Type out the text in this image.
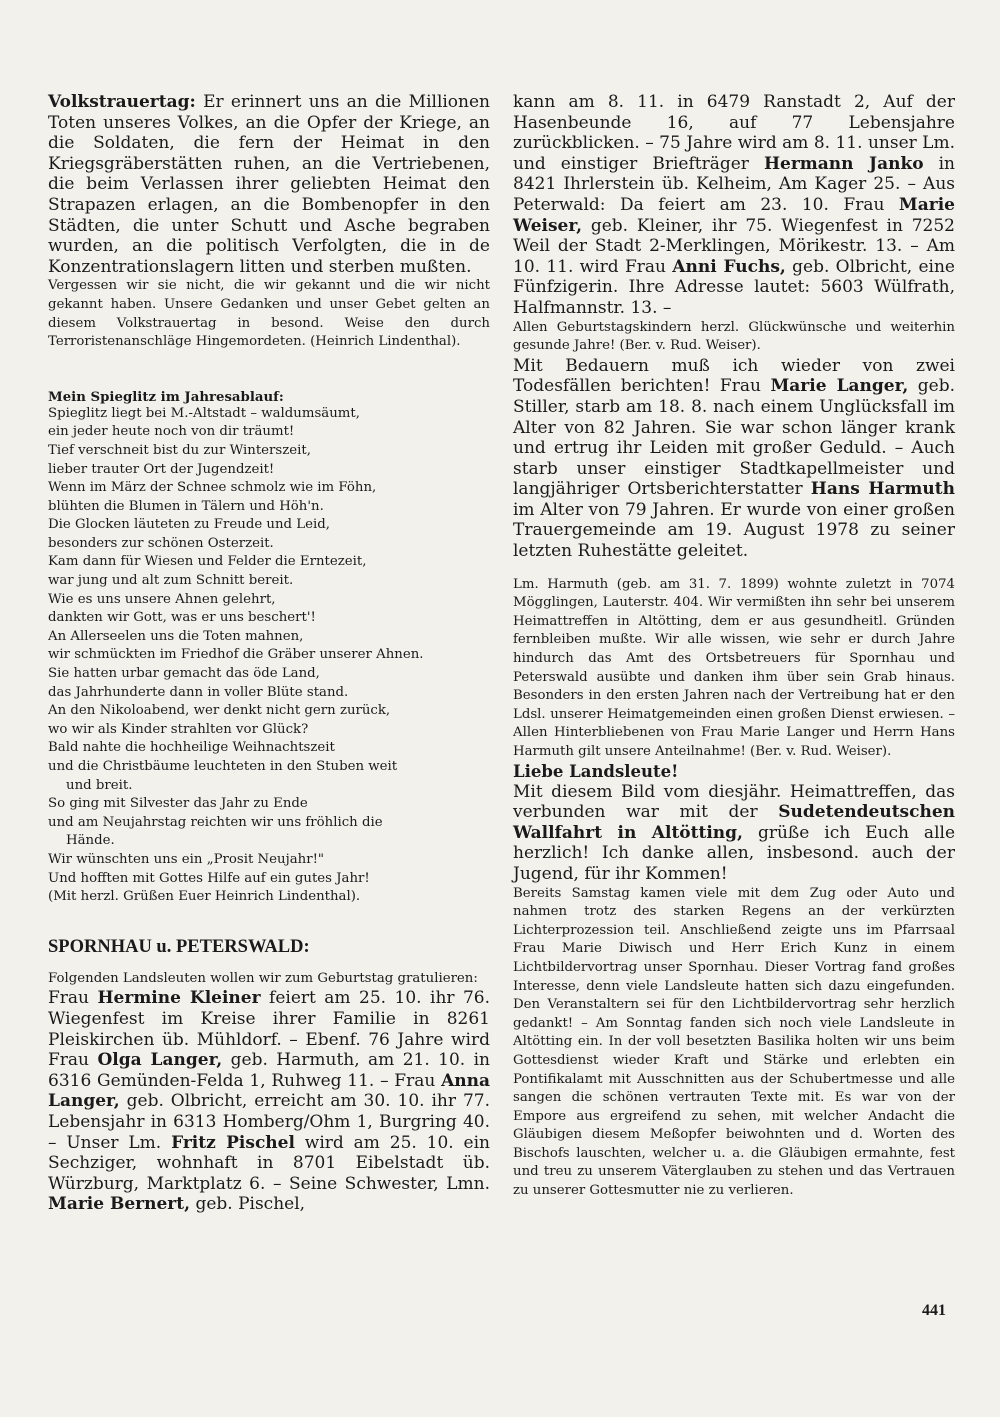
Volkstrauertag: Er erinnert uns an die Millionen Toten unseres Volkes, an die Opfer der Kriege, an die Soldaten, die fern der Heimat in den Kriegsgräberstätten ruhen, an die Vertriebenen, die beim Verlassen ihrer geliebten Heimat den Strapazen erlagen, an die Bombenopfer in den Städten, die unter Schutt und Asche begraben wurden, an die politisch Verfolgten, die in de Konzentrationslagern litten und sterben mußten.

Vergessen wir sie nicht, die wir gekannt und die wir nicht gekannt haben. Unsere Gedanken und unser Gebet gelten an diesem Volkstrauertag in besond. Weise den durch Terroristenanschläge Hingemordeten. (Heinrich Lindenthal).

Mein Spieglitz im Jahresablauf:
Spieglitz liegt bei M.-Altstadt – waldumsäumt,
ein jeder heute noch von dir träumt!
Tief verschneit bist du zur Winterszeit,
lieber trauter Ort der Jugendzeit!
Wenn im März der Schnee schmolz wie im Föhn,
blühten die Blumen in Tälern und Höh'n.
Die Glocken läuteten zu Freude und Leid,
besonders zur schönen Osterzeit.
Kam dann für Wiesen und Felder die Erntezeit,
war jung und alt zum Schnitt bereit.
Wie es uns unsere Ahnen gelehrt,
dankten wir Gott, was er uns beschert'!
An Allerseelen uns die Toten mahnen,
wir schmückten im Friedhof die Gräber unserer Ahnen.
Sie hatten urbar gemacht das öde Land,
das Jahrhunderte dann in voller Blüte stand.
An den Nikoloabend, wer denkt nicht gern zurück,
wo wir als Kinder strahlten vor Glück?
Bald nahte die hochheilige Weihnachtszeit
und die Christbäume leuchteten in den Stuben weit
und breit.
So ging mit Silvester das Jahr zu Ende
und am Neujahrstag reichten wir uns fröhlich die
Hände.
Wir wünschten uns ein „Prosit Neujahr!"
Und hofften mit Gottes Hilfe auf ein gutes Jahr!
(Mit herzl. Grüßen Euer Heinrich Lindenthal).
SPORNHAU u. PETERSWALD:

Folgenden Landsleuten wollen wir zum Geburtstag gratulieren:

Frau Hermine Kleiner feiert am 25. 10. ihr 76. Wiegenfest im Kreise ihrer Familie in 8261 Pleiskirchen üb. Mühldorf. – Ebenf. 76 Jahre wird Frau Olga Langer, geb. Harmuth, am 21. 10. in 6316 Gemünden-Felda 1, Ruhweg 11. – Frau Anna Langer, geb. Olbricht, erreicht am 30. 10. ihr 77. Lebensjahr in 6313 Homberg/Ohm 1, Burgring 40. – Unser Lm. Fritz Pischel wird am 25. 10. ein Sechziger, wohnhaft in 8701 Eibelstadt üb. Würzburg, Marktplatz 6. – Seine Schwester, Lmn. Marie Bernert, geb. Pischel,

kann am 8. 11. in 6479 Ranstadt 2, Auf der Hasenbeunde 16, auf 77 Lebensjahre zurückblicken. – 75 Jahre wird am 8. 11. unser Lm. und einstiger Briefträger Hermann Janko in 8421 Ihrlerstein üb. Kelheim, Am Kager 25. – Aus Peterwald: Da feiert am 23. 10. Frau Marie Weiser, geb. Kleiner, ihr 75. Wiegenfest in 7252 Weil der Stadt 2-Merklingen, Mörikestr. 13. – Am 10. 11. wird Frau Anni Fuchs, geb. Olbricht, eine Fünfzigerin. Ihre Adresse lautet: 5603 Wülfrath, Halfmannstr. 13. –

Allen Geburtstagskindern herzl. Glückwünsche und weiterhin gesunde Jahre! (Ber. v. Rud. Weiser).

Mit Bedauern muß ich wieder von zwei Todesfällen berichten! Frau Marie Langer, geb. Stiller, starb am 18. 8. nach einem Unglücksfall im Alter von 82 Jahren. Sie war schon länger krank und ertrug ihr Leiden mit großer Geduld. – Auch starb unser einstiger Stadtkapellmeister und langjähriger Ortsberichterstatter Hans Harmuth im Alter von 79 Jahren. Er wurde von einer großen Trauergemeinde am 19. August 1978 zu seiner letzten Ruhestätte geleitet.

Lm. Harmuth (geb. am 31. 7. 1899) wohnte zuletzt in 7074 Mögglingen, Lauterstr. 404. Wir vermißten ihn sehr bei unserem Heimattreffen in Altötting, dem er aus gesundheitl. Gründen fernbleiben mußte. Wir alle wissen, wie sehr er durch Jahre hindurch das Amt des Ortsbetreuers für Spornhau und Peterswald ausübte und danken ihm über sein Grab hinaus. Besonders in den ersten Jahren nach der Vertreibung hat er den Ldsl. unserer Heimatgemeinden einen großen Dienst erwiesen. – Allen Hinterbliebenen von Frau Marie Langer und Herrn Hans Harmuth gilt unsere Anteilnahme! (Ber. v. Rud. Weiser).

Liebe Landsleute!

Mit diesem Bild vom diesjähr. Heimattreffen, das verbunden war mit der Sudetendeutschen Wallfahrt in Altötting, grüße ich Euch alle herzlich! Ich danke allen, insbesond. auch der Jugend, für ihr Kommen!

Bereits Samstag kamen viele mit dem Zug oder Auto und nahmen trotz des starken Regens an der verkürzten Lichterprozession teil. Anschließend zeigte uns im Pfarrsaal Frau Marie Diwisch und Herr Erich Kunz in einem Lichtbildervortrag unser Spornhau. Dieser Vortrag fand großes Interesse, denn viele Landsleute hatten sich dazu eingefunden. Den Veranstaltern sei für den Lichtbildervortrag sehr herzlich gedankt! – Am Sonntag fanden sich noch viele Landsleute in Altötting ein. In der voll besetzten Basilika holten wir uns beim Gottesdienst wieder Kraft und Stärke und erlebten ein Pontifikalamt mit Ausschnitten aus der Schubertmesse und alle sangen die schönen vertrauten Texte mit. Es war von der Empore aus ergreifend zu sehen, mit welcher Andacht die Gläubigen diesem Meßopfer beiwohnten und d. Worten des Bischofs lauschten, welcher u. a. die Gläubigen ermahnte, fest und treu zu unserem Väterglauben zu stehen und das Vertrauen zu unserer Gottesmutter nie zu verlieren.

441
